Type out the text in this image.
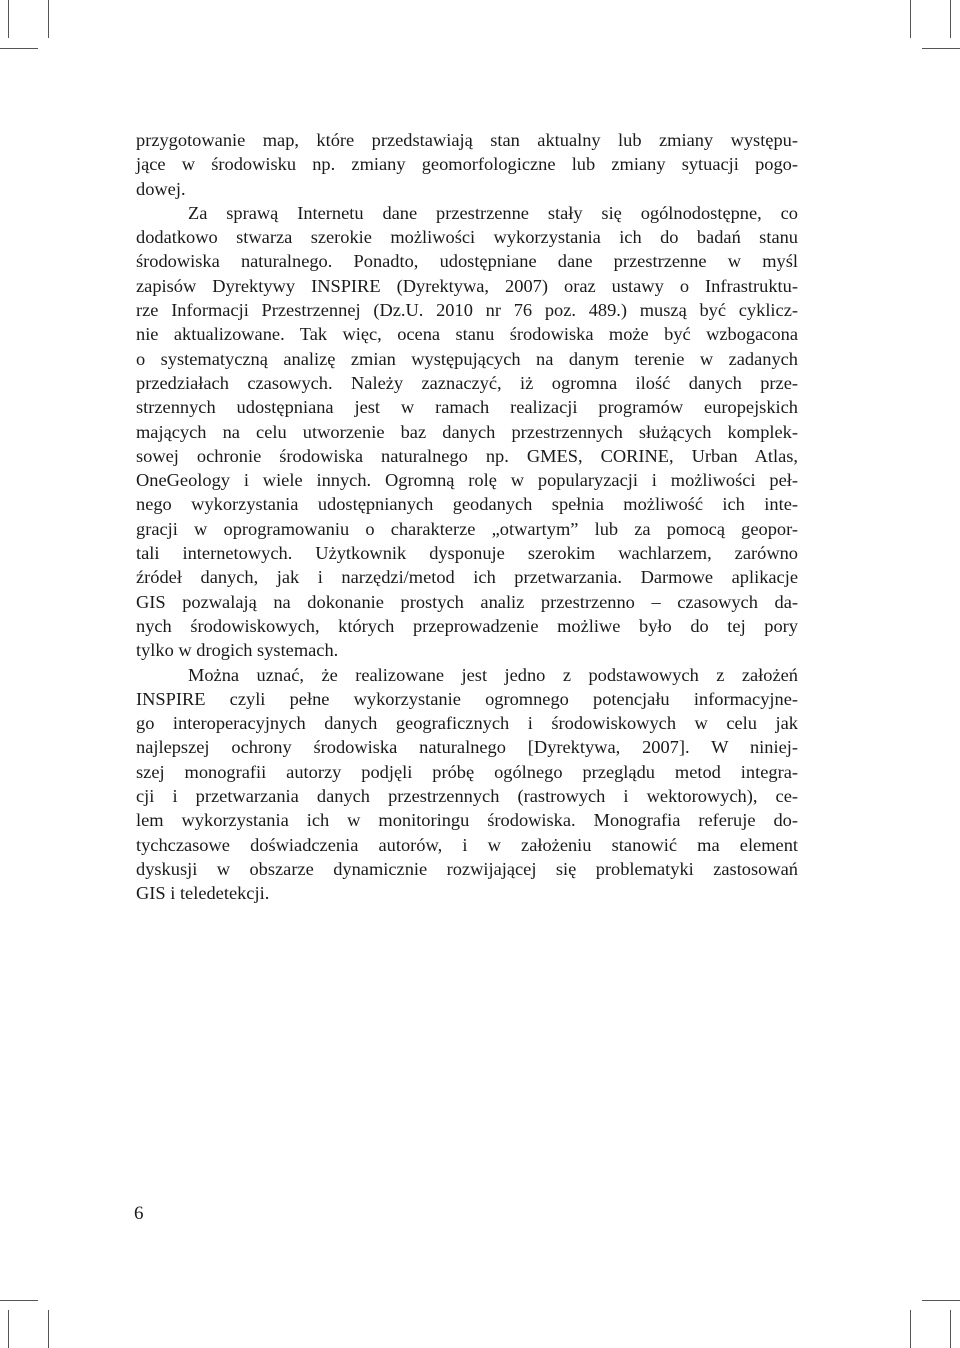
przygotowanie map, które przedstawiają stan aktualny lub zmiany występu-
jące w środowisku np. zmiany geomorfologiczne lub zmiany sytuacji pogo-
dowej.
Za sprawą Internetu dane przestrzenne stały się ogólnodostępne, co
dodatkowo stwarza szerokie możliwości wykorzystania ich do badań stanu
środowiska naturalnego. Ponadto, udostępniane dane przestrzenne w myśl
zapisów Dyrektywy INSPIRE (Dyrektywa, 2007) oraz ustawy o Infrastruktu-
rze Informacji Przestrzennej (Dz.U. 2010 nr 76 poz. 489.) muszą być cyklicz-
nie aktualizowane. Tak więc, ocena stanu środowiska może być wzbogacona
o systematyczną analizę zmian występujących na danym terenie w zadanych
przedziałach czasowych. Należy zaznaczyć, iż ogromna ilość danych prze-
strzennych udostępniana jest w ramach realizacji programów europejskich
mających na celu utworzenie baz danych przestrzennych służących komplek-
sowej ochronie środowiska naturalnego np. GMES, CORINE, Urban Atlas,
OneGeology i wiele innych. Ogromną rolę w popularyzacji i możliwości peł-
nego wykorzystania udostępnianych geodanych spełnia możliwość ich inte-
gracji w oprogramowaniu o charakterze „otwartym” lub za pomocą geopor-
tali internetowych. Użytkownik dysponuje szerokim wachlarzem, zarówno
źródeł danych, jak i narzędzi/metod ich przetwarzania. Darmowe aplikacje
GIS pozwalają na dokonanie prostych analiz przestrzenno – czasowych da-
nych środowiskowych, których przeprowadzenie możliwe było do tej pory
tylko w drogich systemach.
Można uznać, że realizowane jest jedno z podstawowych z założeń
INSPIRE czyli pełne wykorzystanie ogromnego potencjału informacyjne-
go interoperacyjnych danych geograficznych i środowiskowych w celu jak
najlepszej ochrony środowiska naturalnego [Dyrektywa, 2007]. W niniej-
szej monografii autorzy podjęli próbę ogólnego przeglądu metod integra-
cji i przetwarzania danych przestrzennych (rastrowych i wektorowych), ce-
lem wykorzystania ich w monitoringu środowiska. Monografia referuje do-
tychczasowe doświadczenia autorów, i w założeniu stanowić ma element
dyskusji w obszarze dynamicznie rozwijającej się problematyki zastosowań
GIS i teledetekcji.
6
